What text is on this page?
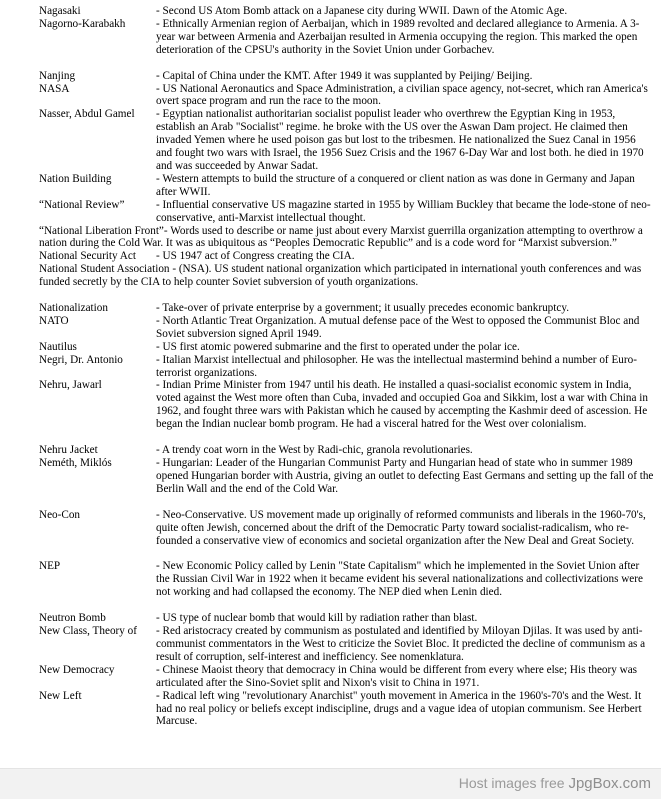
Nagasaki	- Second US Atom Bomb attack on a Japanese city during WWII. Dawn of the Atomic Age.
Nagorno-Karabakh	- Ethnically Armenian region of Aerbaijan, which in 1989 revolted and declared allegiance to Armenia. A 3-year war between Armenia and Azerbaijan resulted in Armenia occupying the region. This marked the open deterioration of the CPSU's authority in the Soviet Union under Gorbachev.
Nanjing	- Capital of China under the KMT. After 1949 it was supplanted by Peijing/ Beijing.
NASA	- US National Aeronautics and Space Administration, a civilian space agency, not-secret, which ran America's overt space program and run the race to the moon.
Nasser, Abdul Gamel	- Egyptian nationalist authoritarian socialist populist leader who overthrew the Egyptian King in 1953, establish an Arab "Socialist" regime. he broke with the US over the Aswan Dam project. He claimed then invaded Yemen where he used poison gas but lost to the tribesmen. He nationalized the Suez Canal in 1956 and fought two wars with Israel, the 1956 Suez Crisis and the 1967 6-Day War and lost both. he died in 1970 and was succeeded by Anwar Sadat.
Nation Building	- Western attempts to build the structure of a conquered or client nation as was done in Germany and Japan after WWII.
“National Review”	- Influential conservative US magazine started in 1955 by William Buckley that became the lode-stone of neo-conservative, anti-Marxist intellectual thought.
“National Liberation Front”- Words used to describe or name just about every Marxist guerrilla organization attempting to overthrow a nation during the Cold War. It was as ubiquitous as “Peoples Democratic Republic” and is a code word for “Marxist subversion.”
National Security Act	- US 1947 act of Congress creating the CIA.
National Student Association - (NSA). US student national organization which participated in international youth conferences and was funded secretly by the CIA to help counter Soviet subversion of youth organizations.
Nationalization	- Take-over of private enterprise by a government; it usually precedes economic bankruptcy.
NATO	- North Atlantic Treat Organization. A mutual defense pace of the West to opposed the Communist Bloc and Soviet subversion signed April 1949.
Nautilus	- US first atomic powered submarine and the first to operated under the polar ice.
Negri, Dr. Antonio	- Italian Marxist intellectual and philosopher. He was the intellectual mastermind behind a number of Euro-terrorist organizations.
Nehru, Jawarl	- Indian Prime Minister from 1947 until his death. He installed a quasi-socialist economic system in India, voted against the West more often than Cuba, invaded and occupied Goa and Sikkim, lost a war with China in 1962, and fought three wars with Pakistan which he caused by accempting the Kashmir deed of ascession. He began the Indian nuclear bomb program. He had a visceral hatred for the West over colonialism.
Nehru Jacket	- A trendy coat worn in the West by Radi-chic, granola revolutionaries.
Neméth, Miklós	- Hungarian: Leader of the Hungarian Communist Party and Hungarian head of state who in summer 1989 opened Hungarian border with Austria, giving an outlet to defecting East Germans and setting up the fall of the Berlin Wall and the end of the Cold War.
Neo-Con	- Neo-Conservative. US movement made up originally of reformed communists and liberals in the 1960-70's, quite often Jewish, concerned about the drift of the Democratic Party toward socialist-radicalism, who re-founded a conservative view of economics and societal organization after the New Deal and Great Society.
NEP	- New Economic Policy called by Lenin "State Capitalism" which he implemented in the Soviet Union after the Russian Civil War in 1922 when it became evident his several nationalizations and collectivizations were not working and had collapsed the economy. The NEP died when Lenin died.
Neutron Bomb	- US type of nuclear bomb that would kill by radiation rather than blast.
New Class, Theory of	- Red aristocracy created by communism as postulated and identified by Miloyan Djilas. It was used by anti-communist commentators in the West to criticize the Soviet Bloc. It predicted the decline of communism as a result of corruption, self-interest and inefficiency. See nomenklatura.
New Democracy	- Chinese Maoist theory that democracy in China would be different from every where else; His theory was articulated after the Sino-Soviet split and Nixon's visit to China in 1971.
New Left	- Radical left wing "revolutionary Anarchist" youth movement in America in the 1960's-70's and the West. It had no real policy or beliefs except indiscipline, drugs and a vague idea of utopian communism. See Herbert Marcuse.
Host images free JpgBox.com
